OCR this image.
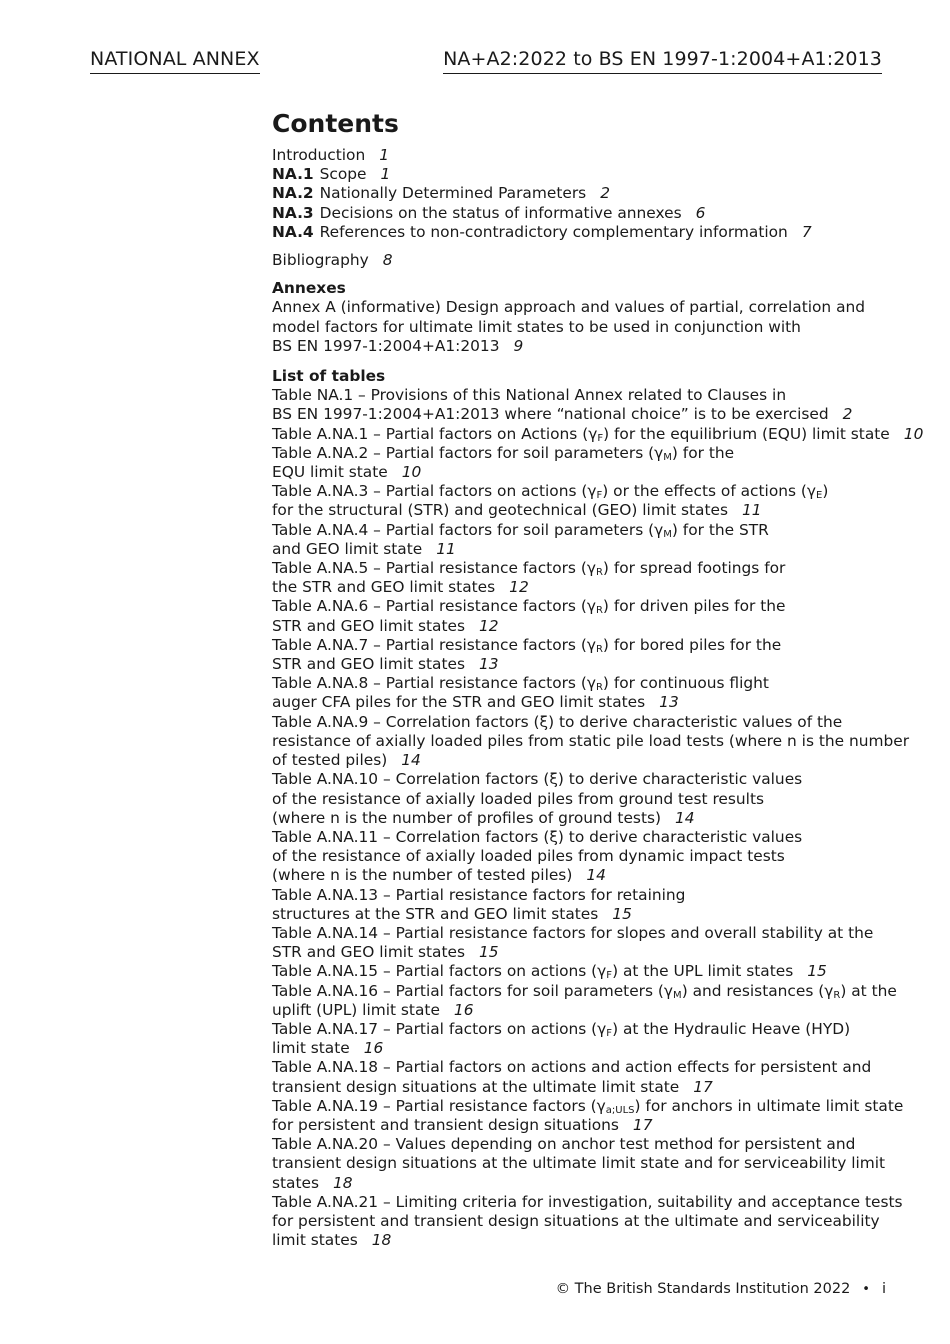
NATIONAL ANNEX	NA+A2:2022 to BS EN 1997-1:2004+A1:2013
Contents
Introduction 1
NA.1 Scope 1
NA.2 Nationally Determined Parameters 2
NA.3 Decisions on the status of informative annexes 6
NA.4 References to non-contradictory complementary information 7
Bibliography 8
Annexes
Annex A (informative) Design approach and values of partial, correlation and
model factors for ultimate limit states to be used in conjunction with
BS EN 1997-1:2004+A1:2013 9
List of tables
Table NA.1 – Provisions of this National Annex related to Clauses in
BS EN 1997-1:2004+A1:2013 where “national choice” is to be exercised 2
Table A.NA.1 – Partial factors on Actions $(\gamma_F)$ for the equilibrium (EQU) limit state 10
Table A.NA.2 – Partial factors for soil parameters $(\gamma_M)$ for the
EQU limit state 10
Table A.NA.3 – Partial factors on actions $(\gamma_F)$ or the effects of actions $(\gamma_E)$
for the structural (STR) and geotechnical (GEO) limit states 11
Table A.NA.4 – Partial factors for soil parameters $(\gamma_M)$ for the STR
and GEO limit state 11
Table A.NA.5 – Partial resistance factors $(\gamma_R)$ for spread footings for
the STR and GEO limit states 12
Table A.NA.6 – Partial resistance factors $(\gamma_R)$ for driven piles for the
STR and GEO limit states 12
Table A.NA.7 – Partial resistance factors $(\gamma_R)$ for bored piles for the
STR and GEO limit states 13
Table A.NA.8 – Partial resistance factors $(\gamma_R)$ for continuous flight
auger CFA piles for the STR and GEO limit states 13
Table A.NA.9 – Correlation factors (ξ) to derive characteristic values of the
resistance of axially loaded piles from static pile load tests (where n is the number
of tested piles) 14
Table A.NA.10 – Correlation factors (ξ) to derive characteristic values
of the resistance of axially loaded piles from ground test results
(where n is the number of profiles of ground tests) 14
Table A.NA.11 – Correlation factors (ξ) to derive characteristic values
of the resistance of axially loaded piles from dynamic impact tests
(where n is the number of tested piles) 14
Table A.NA.13 – Partial resistance factors for retaining
structures at the STR and GEO limit states 15
Table A.NA.14 – Partial resistance factors for slopes and overall stability at the
STR and GEO limit states 15
Table A.NA.15 – Partial factors on actions $(\gamma_F)$ at the UPL limit states 15
Table A.NA.16 – Partial factors for soil parameters $(\gamma_M)$ and resistances $(\gamma_R)$ at the
uplift (UPL) limit state 16
Table A.NA.17 – Partial factors on actions $(\gamma_F)$ at the Hydraulic Heave (HYD)
limit state 16
Table A.NA.18 – Partial factors on actions and action effects for persistent and
transient design situations at the ultimate limit state 17
Table A.NA.19 – Partial resistance factors $(\gamma_{a;ULS})$ for anchors in ultimate limit state
for persistent and transient design situations 17
Table A.NA.20 – Values depending on anchor test method for persistent and
transient design situations at the ultimate limit state and for serviceability limit
states 18
Table A.NA.21 – Limiting criteria for investigation, suitability and acceptance tests
for persistent and transient design situations at the ultimate and serviceability
limit states 18
© The British Standards Institution 2022 • i
